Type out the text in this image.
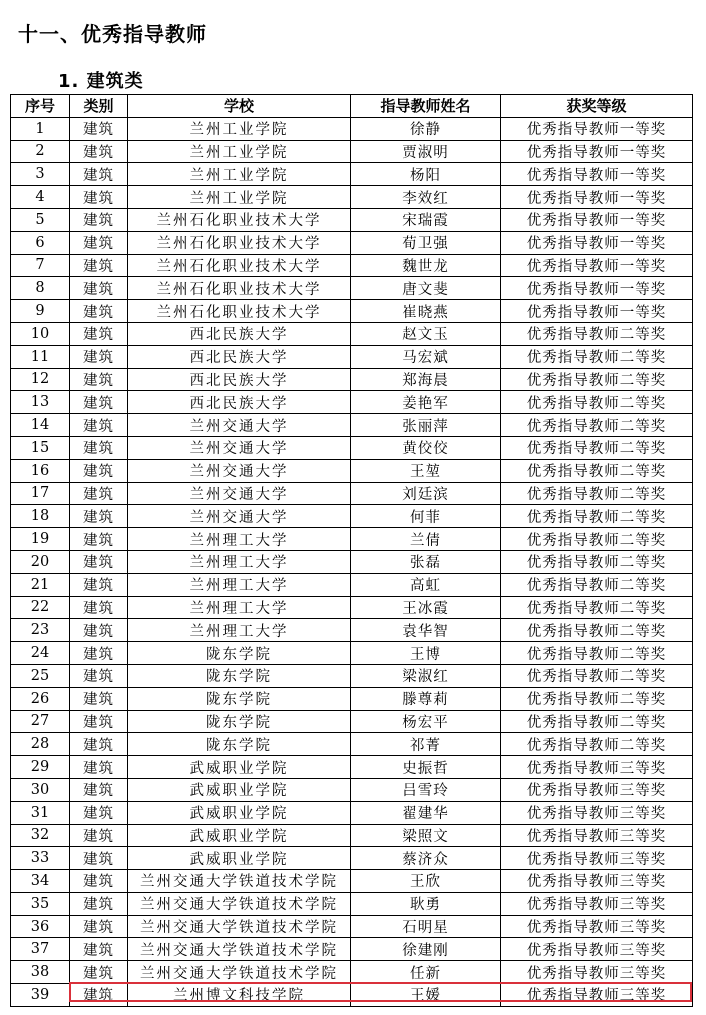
十一、优秀指导教师
1. 建筑类
序号	类别	学校	指导教师姓名	获奖等级
1	建筑	兰州工业学院	徐静	优秀指导教师一等奖
2	建筑	兰州工业学院	贾淑明	优秀指导教师一等奖
3	建筑	兰州工业学院	杨阳	优秀指导教师一等奖
4	建筑	兰州工业学院	李效红	优秀指导教师一等奖
5	建筑	兰州石化职业技术大学	宋瑞霞	优秀指导教师一等奖
6	建筑	兰州石化职业技术大学	荀卫强	优秀指导教师一等奖
7	建筑	兰州石化职业技术大学	魏世龙	优秀指导教师一等奖
8	建筑	兰州石化职业技术大学	唐文斐	优秀指导教师一等奖
9	建筑	兰州石化职业技术大学	崔晓燕	优秀指导教师一等奖
10	建筑	西北民族大学	赵文玉	优秀指导教师二等奖
11	建筑	西北民族大学	马宏斌	优秀指导教师二等奖
12	建筑	西北民族大学	郑海晨	优秀指导教师二等奖
13	建筑	西北民族大学	姜艳军	优秀指导教师二等奖
14	建筑	兰州交通大学	张丽萍	优秀指导教师二等奖
15	建筑	兰州交通大学	黄佼佼	优秀指导教师二等奖
16	建筑	兰州交通大学	王堃	优秀指导教师二等奖
17	建筑	兰州交通大学	刘廷滨	优秀指导教师二等奖
18	建筑	兰州交通大学	何菲	优秀指导教师二等奖
19	建筑	兰州理工大学	兰倩	优秀指导教师二等奖
20	建筑	兰州理工大学	张磊	优秀指导教师二等奖
21	建筑	兰州理工大学	高虹	优秀指导教师二等奖
22	建筑	兰州理工大学	王冰霞	优秀指导教师二等奖
23	建筑	兰州理工大学	袁华智	优秀指导教师二等奖
24	建筑	陇东学院	王博	优秀指导教师二等奖
25	建筑	陇东学院	梁淑红	优秀指导教师二等奖
26	建筑	陇东学院	滕尊莉	优秀指导教师二等奖
27	建筑	陇东学院	杨宏平	优秀指导教师二等奖
28	建筑	陇东学院	祁菁	优秀指导教师二等奖
29	建筑	武威职业学院	史振哲	优秀指导教师三等奖
30	建筑	武威职业学院	吕雪玲	优秀指导教师三等奖
31	建筑	武威职业学院	翟建华	优秀指导教师三等奖
32	建筑	武威职业学院	梁照文	优秀指导教师三等奖
33	建筑	武威职业学院	蔡济众	优秀指导教师三等奖
34	建筑	兰州交通大学铁道技术学院	王欣	优秀指导教师三等奖
35	建筑	兰州交通大学铁道技术学院	耿勇	优秀指导教师三等奖
36	建筑	兰州交通大学铁道技术学院	石明星	优秀指导教师三等奖
37	建筑	兰州交通大学铁道技术学院	徐建刚	优秀指导教师三等奖
38	建筑	兰州交通大学铁道技术学院	任新	优秀指导教师三等奖
39	建筑	兰州博文科技学院	王媛	优秀指导教师三等奖
